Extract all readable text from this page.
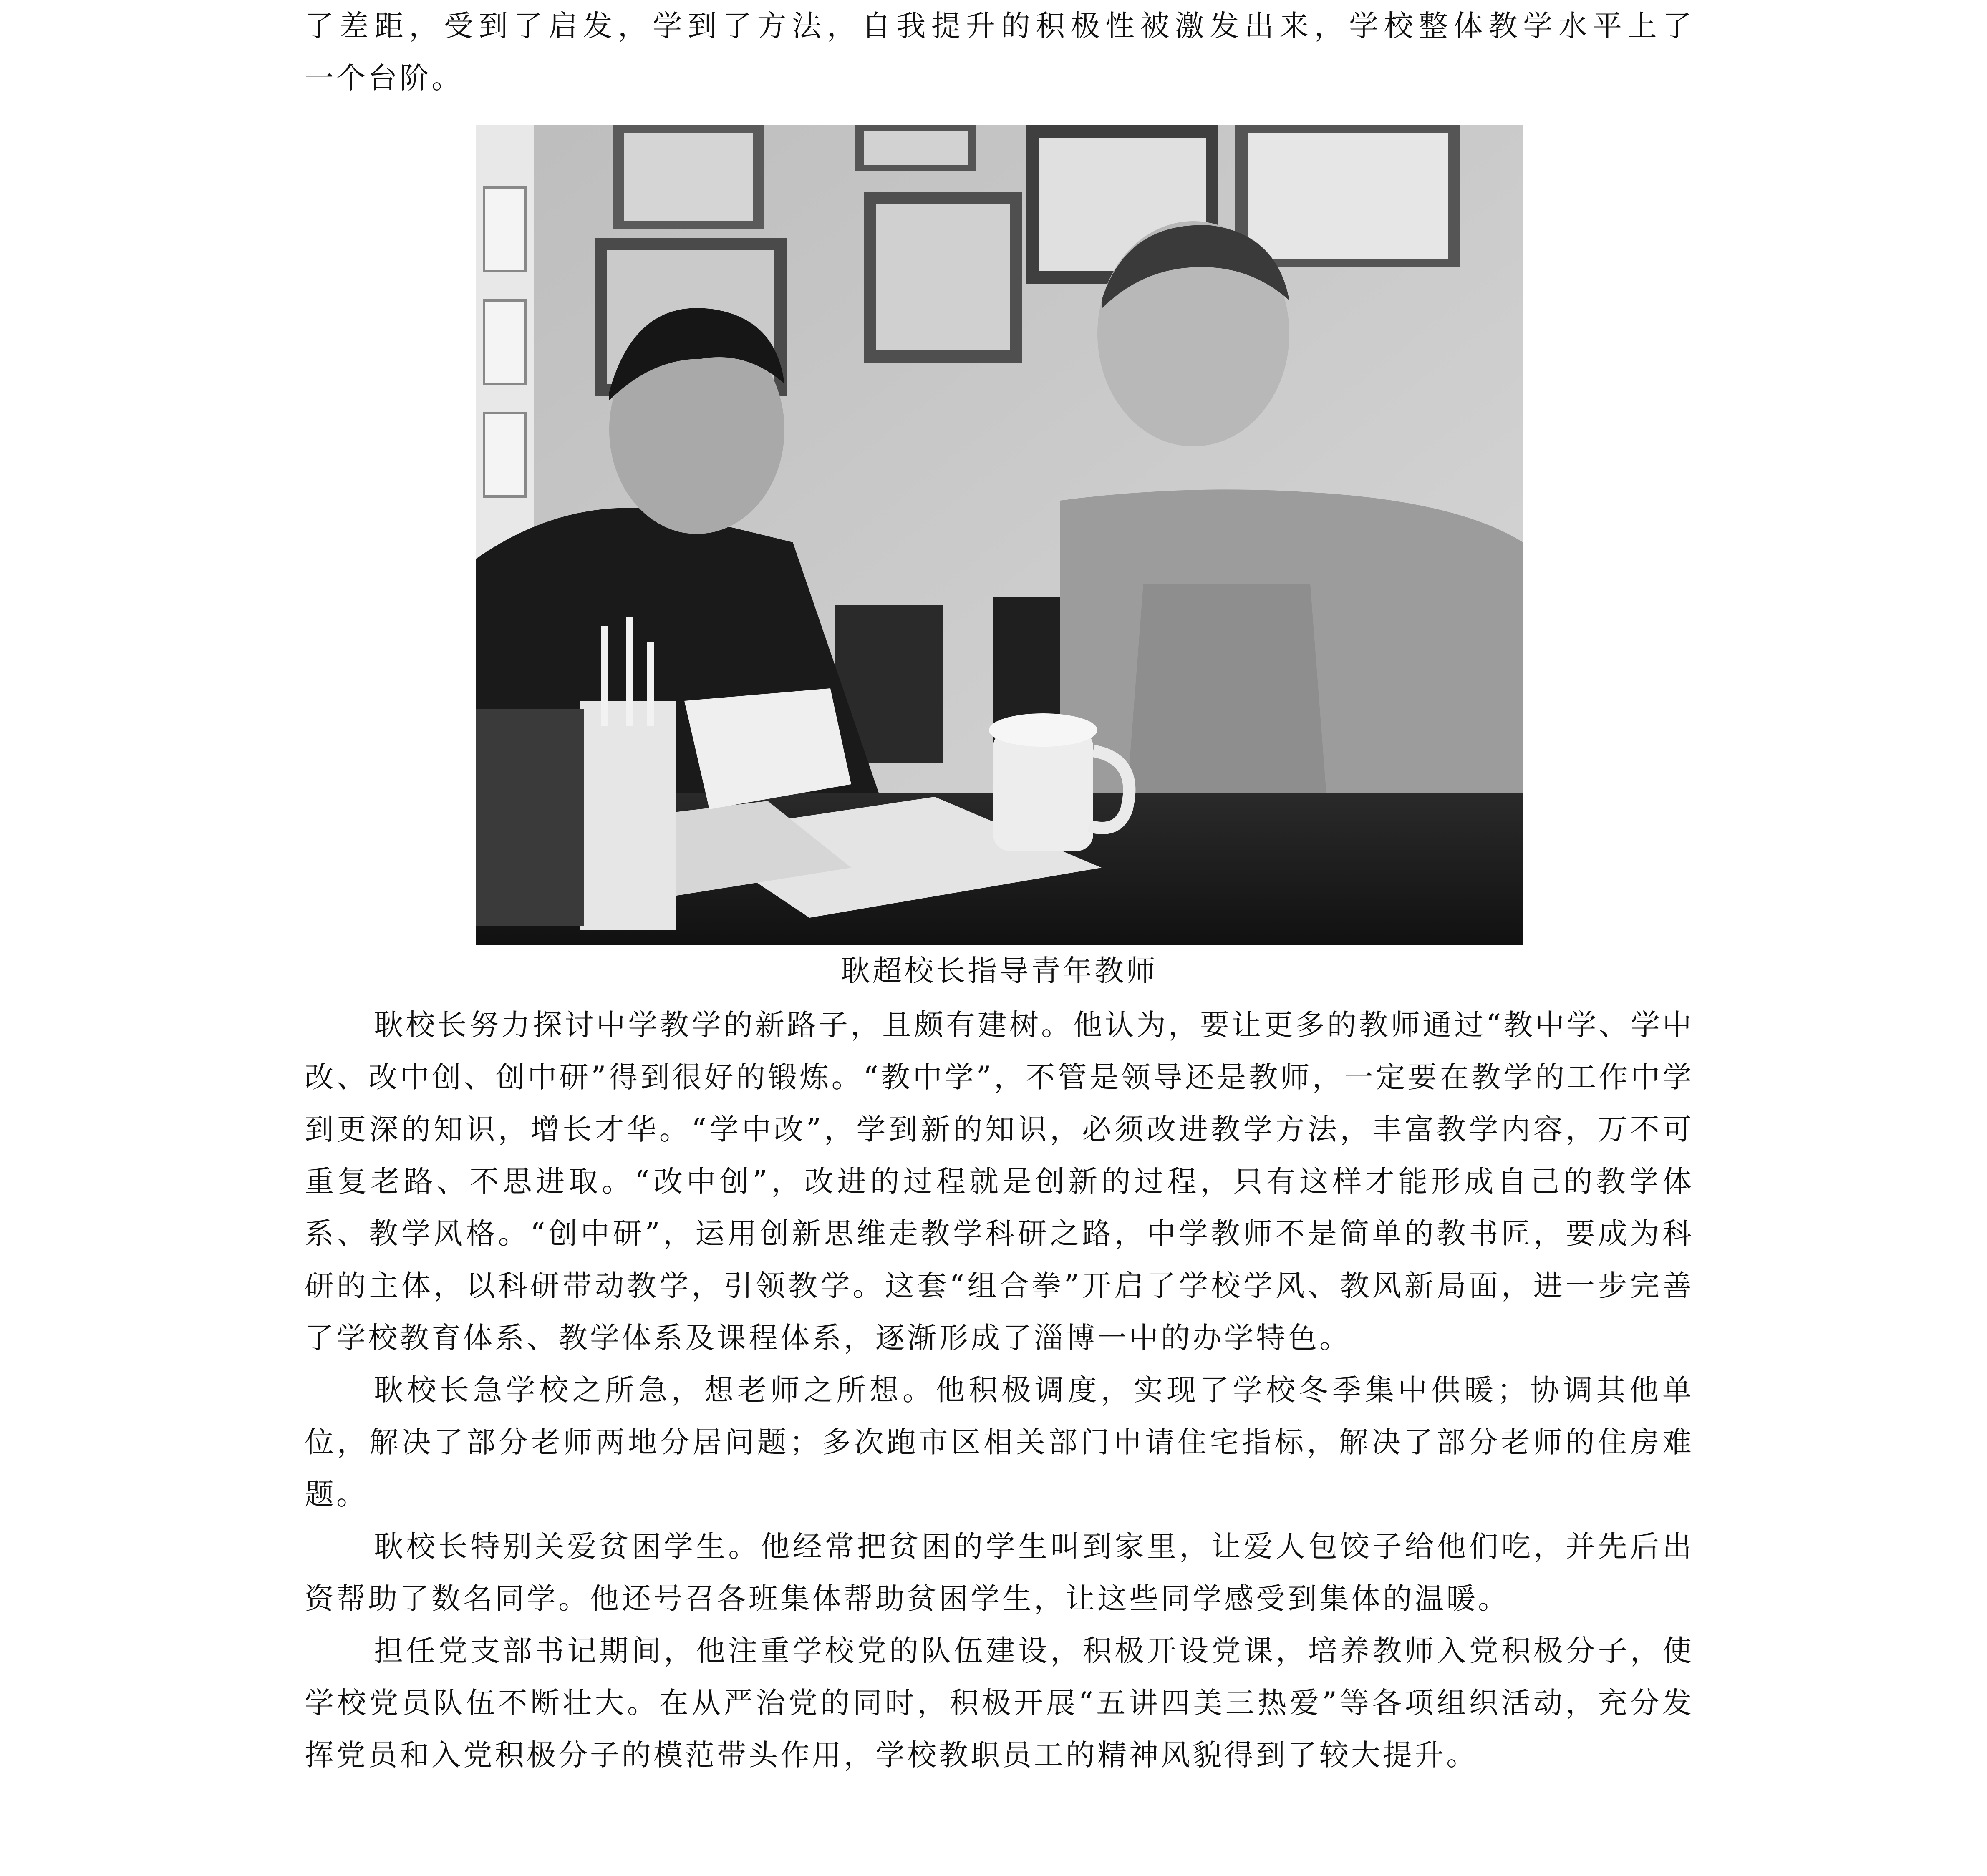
了差距，受到了启发，学到了方法，自我提升的积极性被激发出来，学校整体教学水平上了

一个台阶。

耿超校长指导青年教师

耿校长努力探讨中学教学的新路子，且颇有建树。他认为，要让更多的教师通过“教中学、学中改、改中创、创中研”得到很好的锻炼。“教中学”，不管是领导还是教师，一定要在教学的工作中学到更深的知识，增长才华。“学中改”，学到新的知识，必须改进教学方法，丰富教学内容，万不可重复老路、不思进取。“改中创”，改进的过程就是创新的过程，只有这样才能形成自己的教学体系、教学风格。“创中研”，运用创新思维走教学科研之路，中学教师不是简单的教书匠，要成为科研的主体，以科研带动教学，引领教学。这套“组合拳”开启了学校学风、教风新局面，进一步完善了学校教育体系、教学体系及课程体系，逐渐形成了淄博一中的办学特色。

耿校长急学校之所急，想老师之所想。他积极调度，实现了学校冬季集中供暖；协调其他单位，解决了部分老师两地分居问题；多次跑市区相关部门申请住宅指标，解决了部分老师的住房难题。

耿校长特别关爱贫困学生。他经常把贫困的学生叫到家里，让爱人包饺子给他们吃，并先后出资帮助了数名同学。他还号召各班集体帮助贫困学生，让这些同学感受到集体的温暖。

担任党支部书记期间，他注重学校党的队伍建设，积极开设党课，培养教师入党积极分子，使学校党员队伍不断壮大。在从严治党的同时，积极开展“五讲四美三热爱”等各项组织活动，充分发挥党员和入党积极分子的模范带头作用，学校教职员工的精神风貌得到了较大提升。
